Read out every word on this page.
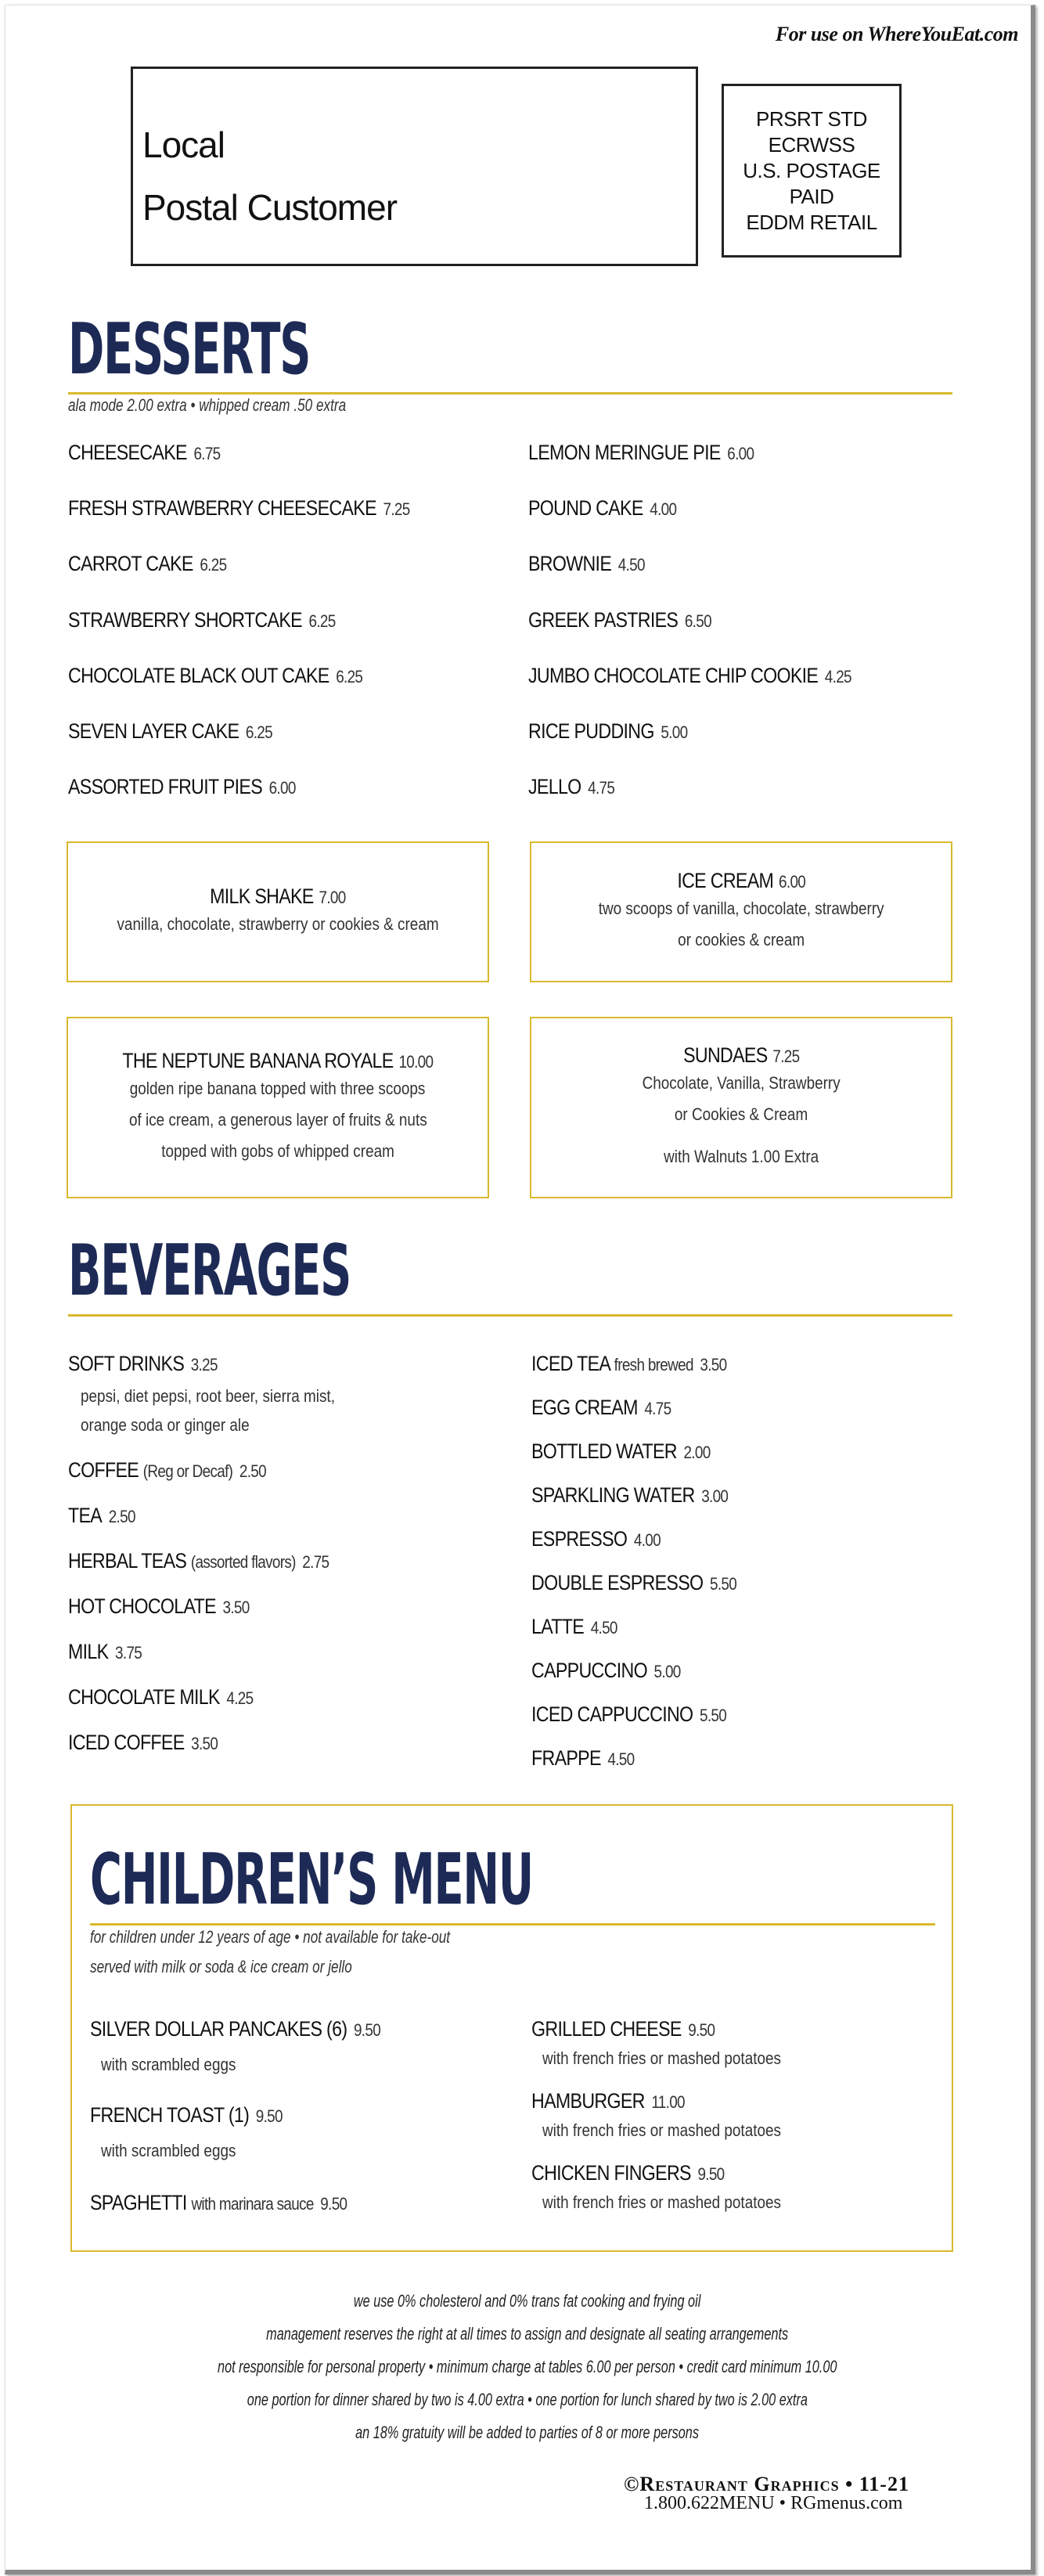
For use on WhereYouEat.com
Local
Postal Customer
PRSRT STD
ECRWSS
U.S. POSTAGE
PAID
EDDM RETAIL
DESSERTS
ala mode 2.00 extra • whipped cream .50 extra
CHEESECAKE 6.75
FRESH STRAWBERRY CHEESECAKE 7.25
CARROT CAKE 6.25
STRAWBERRY SHORTCAKE 6.25
CHOCOLATE BLACK OUT CAKE 6.25
SEVEN LAYER CAKE 6.25
ASSORTED FRUIT PIES 6.00
LEMON MERINGUE PIE 6.00
POUND CAKE 4.00
BROWNIE 4.50
GREEK PASTRIES 6.50
JUMBO CHOCOLATE CHIP COOKIE 4.25
RICE PUDDING 5.00
JELLO 4.75
MILK SHAKE 7.00
vanilla, chocolate, strawberry or cookies & cream
ICE CREAM 6.00
two scoops of vanilla, chocolate, strawberry
or cookies & cream
THE NEPTUNE BANANA ROYALE 10.00
golden ripe banana topped with three scoops
of ice cream, a generous layer of fruits & nuts
topped with gobs of whipped cream
SUNDAES 7.25
Chocolate, Vanilla, Strawberry
or Cookies & Cream
with Walnuts 1.00 Extra
BEVERAGES
SOFT DRINKS 3.25
pepsi, diet pepsi, root beer, sierra mist,
orange soda or ginger ale
COFFEE (Reg or Decaf) 2.50
TEA 2.50
HERBAL TEAS (assorted flavors) 2.75
HOT CHOCOLATE 3.50
MILK 3.75
CHOCOLATE MILK 4.25
ICED COFFEE 3.50
ICED TEA fresh brewed 3.50
EGG CREAM 4.75
BOTTLED WATER 2.00
SPARKLING WATER 3.00
ESPRESSO 4.00
DOUBLE ESPRESSO 5.50
LATTE 4.50
CAPPUCCINO 5.00
ICED CAPPUCCINO 5.50
FRAPPE 4.50
CHILDREN’S MENU
for children under 12 years of age • not available for take-out
served with milk or soda & ice cream or jello
SILVER DOLLAR PANCAKES (6) 9.50
with scrambled eggs
FRENCH TOAST (1) 9.50
with scrambled eggs
SPAGHETTI with marinara sauce 9.50
GRILLED CHEESE 9.50
with french fries or mashed potatoes
HAMBURGER 11.00
with french fries or mashed potatoes
CHICKEN FINGERS 9.50
with french fries or mashed potatoes
we use 0% cholesterol and 0% trans fat cooking and frying oil
management reserves the right at all times to assign and designate all seating arrangements
not responsible for personal property • minimum charge at tables 6.00 per person • credit card minimum 10.00
one portion for dinner shared by two is 4.00 extra • one portion for lunch shared by two is 2.00 extra
an 18% gratuity will be added to parties of 8 or more persons
©Restaurant Graphics • 11-21
1.800.622MENU • RGmenus.com
